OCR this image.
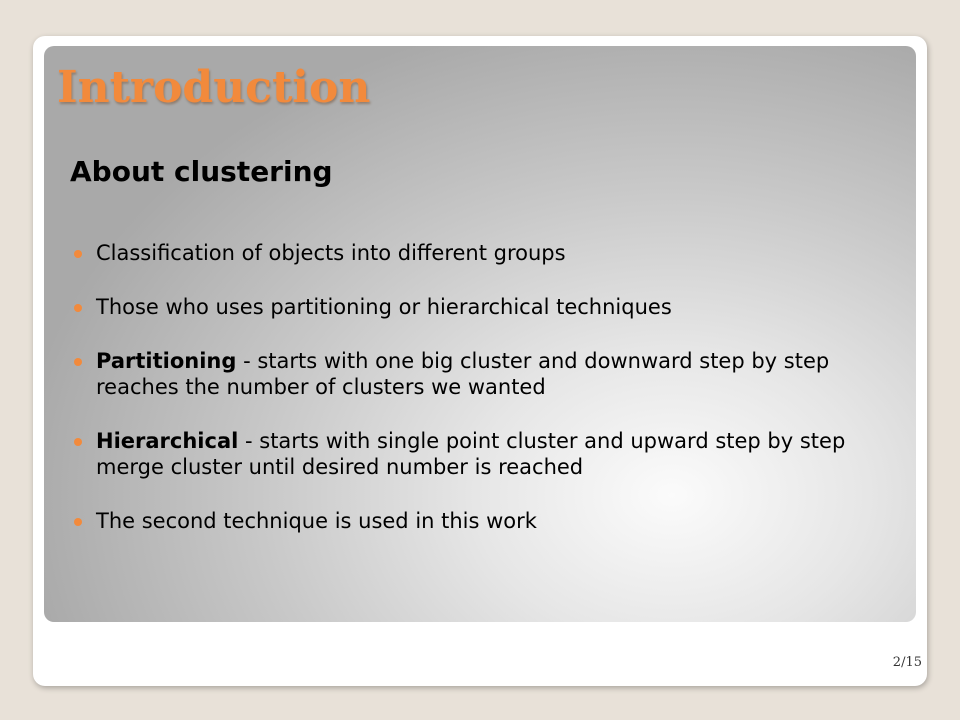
Introduction
About clustering
Classification of objects into different groups
Those who uses partitioning or hierarchical techniques
Partitioning - starts with one big cluster and downward step by step reaches the number of clusters we wanted
Hierarchical - starts with single point cluster and upward step by step merge cluster until desired number is reached
The second technique is used in this work
2/15
